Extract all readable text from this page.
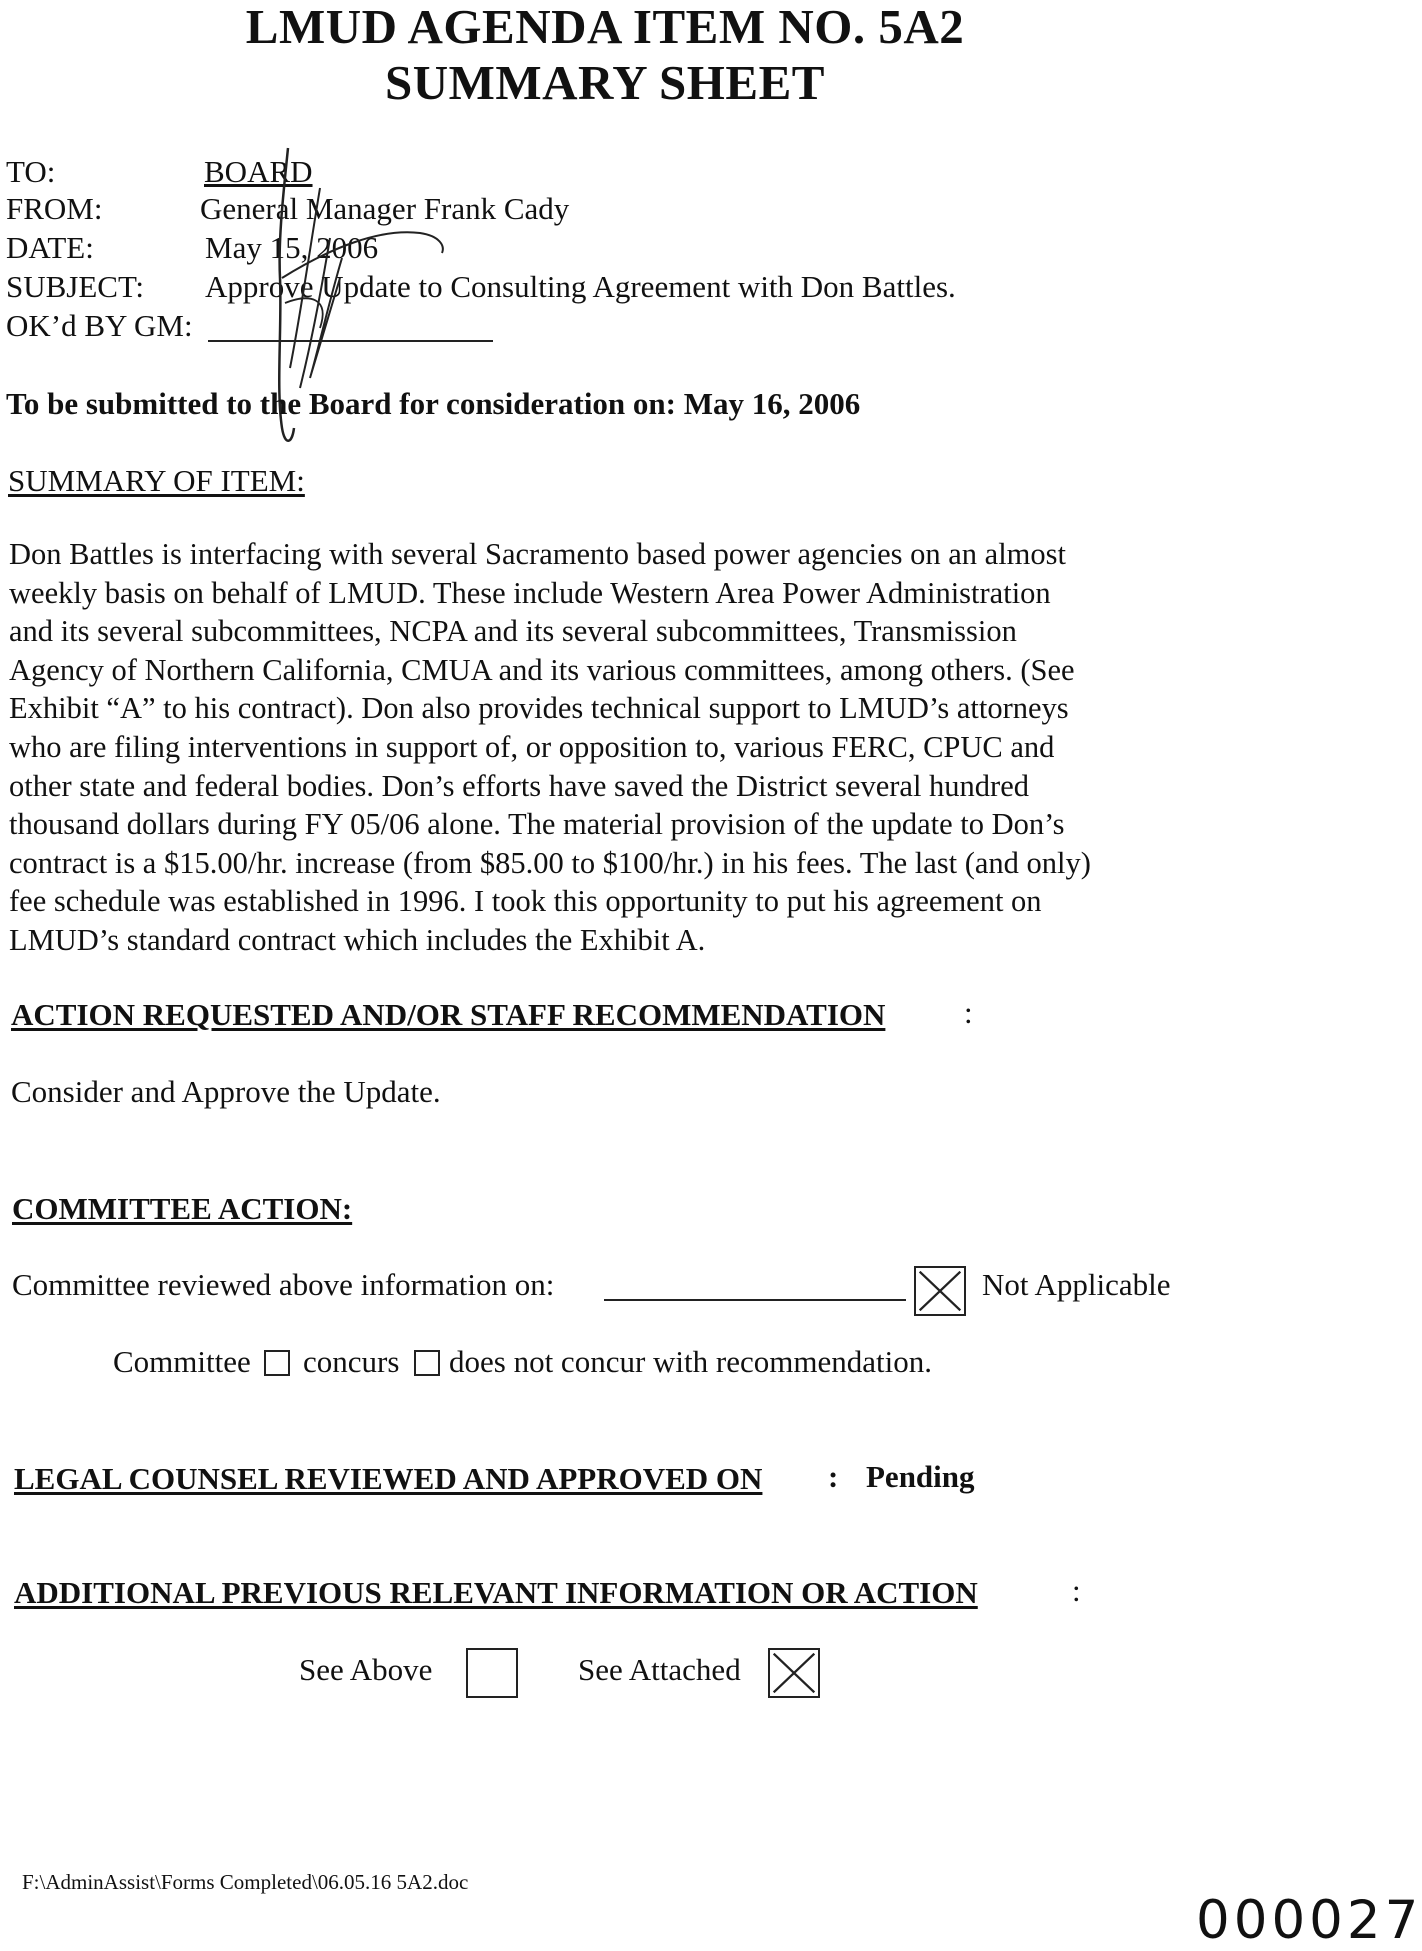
LMUD AGENDA ITEM NO. 5A2
SUMMARY SHEET
TO:	BOARD
FROM:	General Manager Frank Cady
DATE:	May 15, 2006
SUBJECT: Approve Update to Consulting Agreement with Don Battles.
OK’d BY GM:
To be submitted to the Board for consideration on: May 16, 2006
SUMMARY OF ITEM:

Don Battles is interfacing with several Sacramento based power agencies on an almost

weekly basis on behalf of LMUD. These include Western Area Power Administration

and its several subcommittees, NCPA and its several subcommittees, Transmission

Agency of Northern California, CMUA and its various committees, among others. (See

Exhibit “A” to his contract). Don also provides technical support to LMUD’s attorneys

who are filing interventions in support of, or opposition to, various FERC, CPUC and

other state and federal bodies. Don’s efforts have saved the District several hundred

thousand dollars during FY 05/06 alone. The material provision of the update to Don’s

contract is a $15.00/hr. increase (from $85.00 to $100/hr.) in his fees. The last (and only)

fee schedule was established in 1996. I took this opportunity to put his agreement on

LMUD’s standard contract which includes the Exhibit A.

ACTION REQUESTED AND/OR STAFF RECOMMENDATION	:
Consider and Approve the Update.
COMMITTEE ACTION:
Committee reviewed above information on:	Not Applicable
Committee concurs does not concur with recommendation.
LEGAL COUNSEL REVIEWED AND APPROVED ON : Pending
ADDITIONAL PREVIOUS RELEVANT INFORMATION OR ACTION	:
See Above	See Attached
F:\AdminAssist\Forms Completed\06.05.16 5A2.doc
000027
